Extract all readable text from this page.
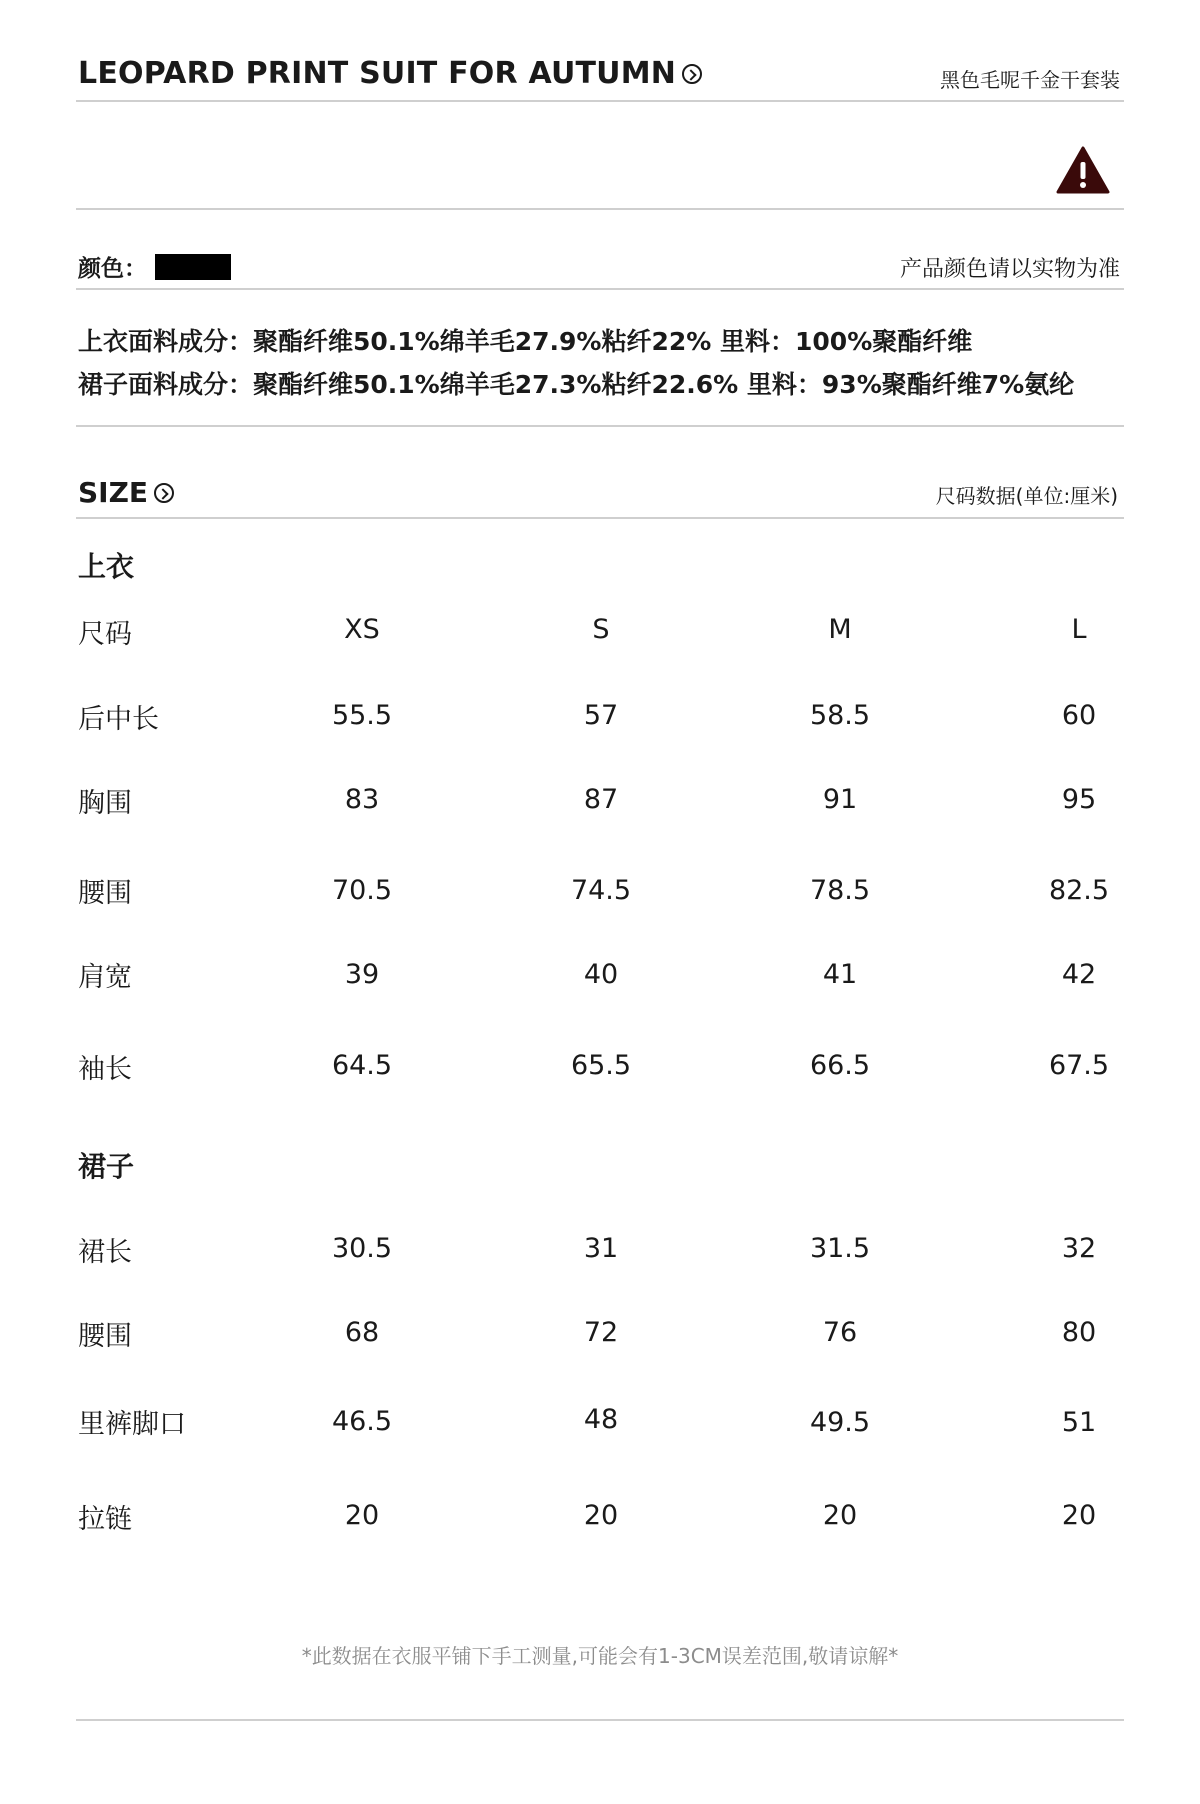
LEOPARD PRINT SUIT FOR AUTUMN	黑色毛呢千金干套装
颜色：	产品颜色请以实物为准
上衣面料成分：聚酯纤维50.1%绵羊毛27.9%粘纤22% 里料：100%聚酯纤维
裙子面料成分：聚酯纤维50.1%绵羊毛27.3%粘纤22.6% 里料：93%聚酯纤维7%氨纶
SIZE	尺码数据(单位:厘米)
上衣
尺码	XS	S	M	L
后中长	55.5	57	58.5	60
胸围	83	87	91	95
腰围	70.5	74.5	78.5	82.5
肩宽	39	40	41	42
袖长	64.5	65.5	66.5	67.5
裙子
裙长	30.5	31	31.5	32
腰围	68	72	76	80
里裤脚口	46.5	48	49.5	51
拉链	20	20	20	20
*此数据在衣服平铺下手工测量,可能会有1-3CM误差范围,敬请谅解*
